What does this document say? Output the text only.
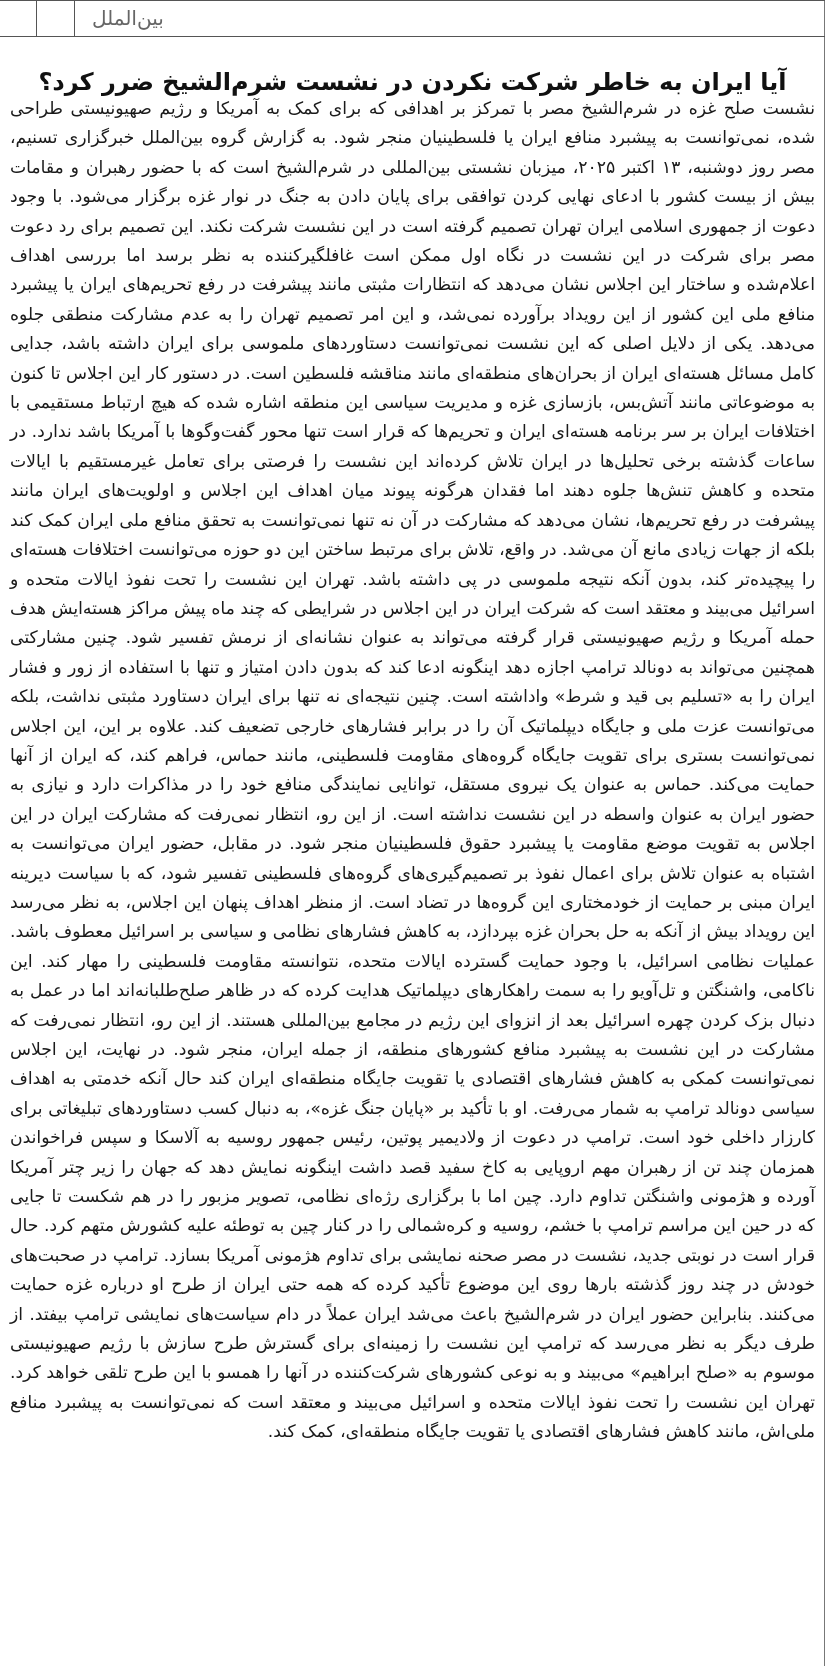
بین‌الملل
آیا ایران به خاطر شرکت نکردن در نشست شرم‌الشیخ ضرر کرد؟

نشست صلح غزه در شرم‌الشیخ مصر با تمرکز بر اهدافی که برای کمک به آمریکا و رژیم صهیونیستی طراحی شده، نمی‌توانست به پیشبرد منافع ایران یا فلسطینیان منجر شود. به گزارش گروه بین‌الملل خبرگزاری تسنیم، مصر روز دوشنبه، ۱۳ اکتبر ۲۰۲۵، میزبان نشستی بین‌المللی در شرم‌الشیخ است که با حضور رهبران و مقامات بیش از بیست کشور با ادعای نهایی کردن توافقی برای پایان دادن به جنگ در نوار غزه برگزار می‌شود. با وجود دعوت از جمهوری اسلامی ایران تهران تصمیم گرفته است در این نشست شرکت نکند. این تصمیم برای رد دعوت مصر برای شرکت در این نشست در نگاه اول ممکن است غافلگیرکننده به نظر برسد اما بررسی اهداف اعلام‌شده و ساختار این اجلاس نشان می‌دهد که انتظارات مثبتی مانند پیشرفت در رفع تحریم‌های ایران یا پیشبرد منافع ملی این کشور از این رویداد برآورده نمی‌شد، و این امر تصمیم تهران را به عدم مشارکت منطقی جلوه می‌دهد. یکی از دلایل اصلی که این نشست نمی‌توانست دستاوردهای ملموسی برای ایران داشته باشد، جدایی کامل مسائل هسته‌ای ایران از بحران‌های منطقه‌ای مانند مناقشه فلسطین است. در دستور کار این اجلاس تا کنون به موضوعاتی مانند آتش‌بس، بازسازی غزه و مدیریت سیاسی این منطقه اشاره شده که هیچ ارتباط مستقیمی با اختلافات ایران بر سر برنامه هسته‌ای ایران و تحریم‌ها که قرار است تنها محور گفت‌وگوها با آمریکا باشد ندارد. در ساعات گذشته برخی تحلیل‌ها در ایران تلاش کرده‌اند این نشست را فرصتی برای تعامل غیرمستقیم با ایالات متحده و کاهش تنش‌ها جلوه دهند اما فقدان هرگونه پیوند میان اهداف این اجلاس و اولویت‌های ایران مانند پیشرفت در رفع تحریم‌ها، نشان می‌دهد که مشارکت در آن نه تنها نمی‌توانست به تحقق منافع ملی ایران کمک کند بلکه از جهات زیادی مانع آن می‌شد. در واقع، تلاش برای مرتبط ساختن این دو حوزه می‌توانست اختلافات هسته‌ای را پیچیده‌تر کند، بدون آنکه نتیجه ملموسی در پی داشته باشد. تهران این نشست را تحت نفوذ ایالات متحده و اسرائیل می‌بیند و معتقد است که شرکت ایران در این اجلاس در شرایطی که چند ماه پیش مراکز هسته‌ایش هدف حمله آمریکا و رژیم صهیونیستی قرار گرفته می‌تواند به عنوان نشانه‌ای از نرمش تفسیر شود. چنین مشارکتی همچنین می‌تواند به دونالد ترامپ اجازه دهد اینگونه ادعا کند که بدون دادن امتیاز و تنها با استفاده از زور و فشار ایران را به «تسلیم بی قید و شرط» واداشته است. چنین نتیجه‌ای نه تنها برای ایران دستاورد مثبتی نداشت، بلکه می‌توانست عزت ملی و جایگاه دیپلماتیک آن را در برابر فشارهای خارجی تضعیف کند. علاوه بر این، این اجلاس نمی‌توانست بستری برای تقویت جایگاه گروه‌های مقاومت فلسطینی، مانند حماس، فراهم کند، که ایران از آنها حمایت می‌کند. حماس به عنوان یک نیروی مستقل، توانایی نمایندگی منافع خود را در مذاکرات دارد و نیازی به حضور ایران به عنوان واسطه در این نشست نداشته است. از این رو، انتظار نمی‌رفت که مشارکت ایران در این اجلاس به تقویت موضع مقاومت یا پیشبرد حقوق فلسطینیان منجر شود. در مقابل، حضور ایران می‌توانست به اشتباه به عنوان تلاش برای اعمال نفوذ بر تصمیم‌گیری‌های گروه‌های فلسطینی تفسیر شود، که با سیاست دیرینه ایران مبنی بر حمایت از خودمختاری این گروه‌ها در تضاد است. از منظر اهداف پنهان این اجلاس، به نظر می‌رسد این رویداد بیش از آنکه به حل بحران غزه بپردازد، به کاهش فشارهای نظامی و سیاسی بر اسرائیل معطوف باشد. عملیات نظامی اسرائیل، با وجود حمایت گسترده ایالات متحده، نتوانسته مقاومت فلسطینی را مهار کند. این ناکامی، واشنگتن و تل‌آویو را به سمت راهکارهای دیپلماتیک هدایت کرده که در ظاهر صلح‌طلبانه‌اند اما در عمل به دنبال بزک کردن چهره اسرائیل بعد از انزوای این رژیم در مجامع بین‌المللی هستند. از این رو، انتظار نمی‌رفت که مشارکت در این نشست به پیشبرد منافع کشورهای منطقه، از جمله ایران، منجر شود. در نهایت، این اجلاس نمی‌توانست کمکی به کاهش فشارهای اقتصادی یا تقویت جایگاه منطقه‌ای ایران کند حال آنکه خدمتی به اهداف سیاسی دونالد ترامپ به شمار می‌رفت. او با تأکید بر «پایان جنگ غزه»، به دنبال کسب دستاوردهای تبلیغاتی برای کارزار داخلی خود است. ترامپ در دعوت از ولادیمیر پوتین، رئیس جمهور روسیه به آلاسکا و سپس فراخواندن همزمان چند تن از رهبران مهم اروپایی به کاخ سفید قصد داشت اینگونه نمایش دهد که جهان را زیر چتر آمریکا آورده و هژمونی واشنگتن تداوم دارد. چین اما با برگزاری رژه‌ای نظامی، تصویر مزبور را در هم شکست تا جایی که در حین این مراسم ترامپ با خشم، روسیه و کره‌شمالی را در کنار چین به توطئه علیه کشورش متهم کرد. حال قرار است در نوبتی جدید، نشست در مصر صحنه نمایشی برای تداوم هژمونی آمریکا بسازد. ترامپ در صحبت‌های خودش در چند روز گذشته بارها روی این موضوع تأکید کرده که همه حتی ایران از طرح او درباره غزه حمایت می‌کنند. بنابراین حضور ایران در شرم‌الشیخ باعث می‌شد ایران عملاً در دام سیاست‌های نمایشی ترامپ بیفتد. از طرف دیگر به نظر می‌رسد که ترامپ این نشست را زمینه‌ای برای گسترش طرح سازش با رژیم صهیونیستی موسوم به «صلح ابراهیم» می‌بیند و به نوعی کشورهای شرکت‌کننده در آنها را همسو با این طرح تلقی خواهد کرد. تهران این نشست را تحت نفوذ ایالات متحده و اسرائیل می‌بیند و معتقد است که نمی‌توانست به پیشبرد منافع ملی‌اش، مانند کاهش فشارهای اقتصادی یا تقویت جایگاه منطقه‌ای، کمک کند.
